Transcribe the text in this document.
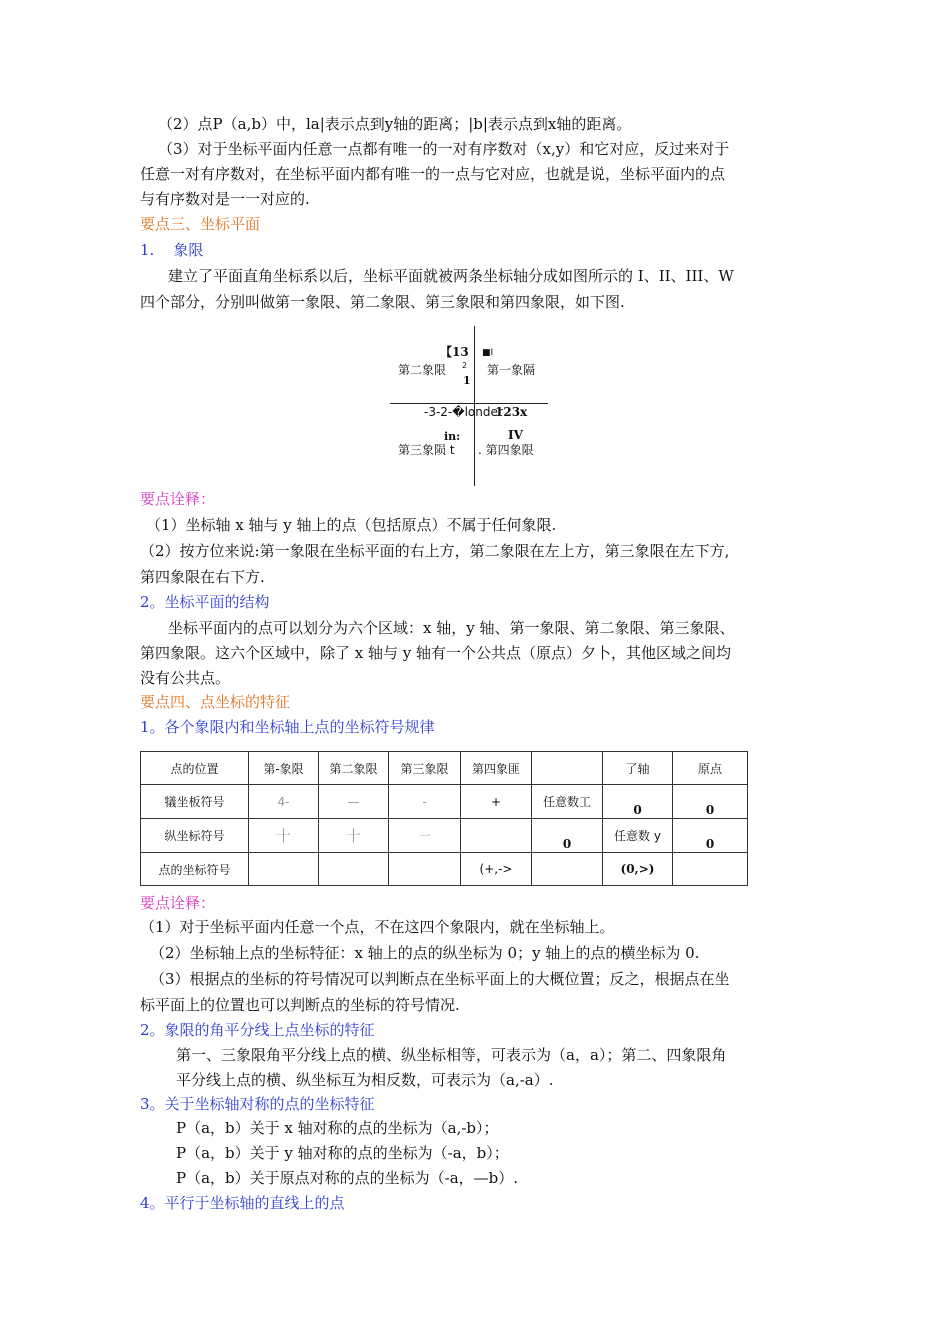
（2）点P（a,b）中，la|表示点到y轴的距离；|b|表示点到x轴的距离。
（3）对于坐标平面内任意一点都有唯一的一对有序数对（x,y）和它对应，反过来对于
任意一对有序数对，在坐标平面内都有唯一的一点与它对应，也就是说，坐标平面内的点
与有序数对是一一对应的.
要点三、坐标平面
1.    象限
建立了平面直角坐标系以后，坐标平面就被两条坐标轴分成如图所示的 I、II、III、W
四个部分，分别叫做第一象限、第二象限、第三象限和第四象限，如下图.
【13
2
第二象限
1
■I
第一象隔
-3-2-�londer
123x
in:	IV
第三象陨 t . 第四象限
要点诠释：
（1）坐标轴 x 轴与 y 轴上的点（包括原点）不属于任何象限.
（2）按方位来说:第一象限在坐标平面的右上方，第二象限在左上方，第三象限在左下方,
第四象限在右下方.
2。坐标平面的结构
坐标平面内的点可以划分为六个区域：x 轴，y 轴、第一象限、第二象限、第三象限、
第四象限。这六个区域中，除了 x 轴与 y 轴有一个公共点（原点）夕卜，其他区域之间均
没有公共点。
要点四、点坐标的特征
1。各个象限内和坐标轴上点的坐标符号规律
点的位置	第-象限	第二象限	第三象限	第四象匪		了轴	原点
犠坐板符号	4-	—	-	+	任意数工	0	0
纵坐标符号	十	十	一		0	任意数 y	0
点的坐标符号				(+,->		(0,>)	
要点诠释：
（1）对于坐标平面内任意一个点，不在这四个象限内，就在坐标轴上。
（2）坐标轴上点的坐标特征：x 轴上的点的纵坐标为 0；y 轴上的点的横坐标为 0.
（3）根据点的坐标的符号情况可以判断点在坐标平面上的大概位置；反之，根据点在坐
标平面上的位置也可以判断点的坐标的符号情况.
2。象限的角平分线上点坐标的特征
第一、三象限角平分线上点的横、纵坐标相等，可表示为（a，a）；第二、四象限角
平分线上点的横、纵坐标互为相反数，可表示为（a,-a）.
3。关于坐标轴对称的点的坐标特征
P（a，b）关于 x 轴对称的点的坐标为（a,-b）；
P（a，b）关于 y 轴对称的点的坐标为（-a，b）；
P（a，b）关于原点对称的点的坐标为（-a，—b）.
4。平行于坐标轴的直线上的点
